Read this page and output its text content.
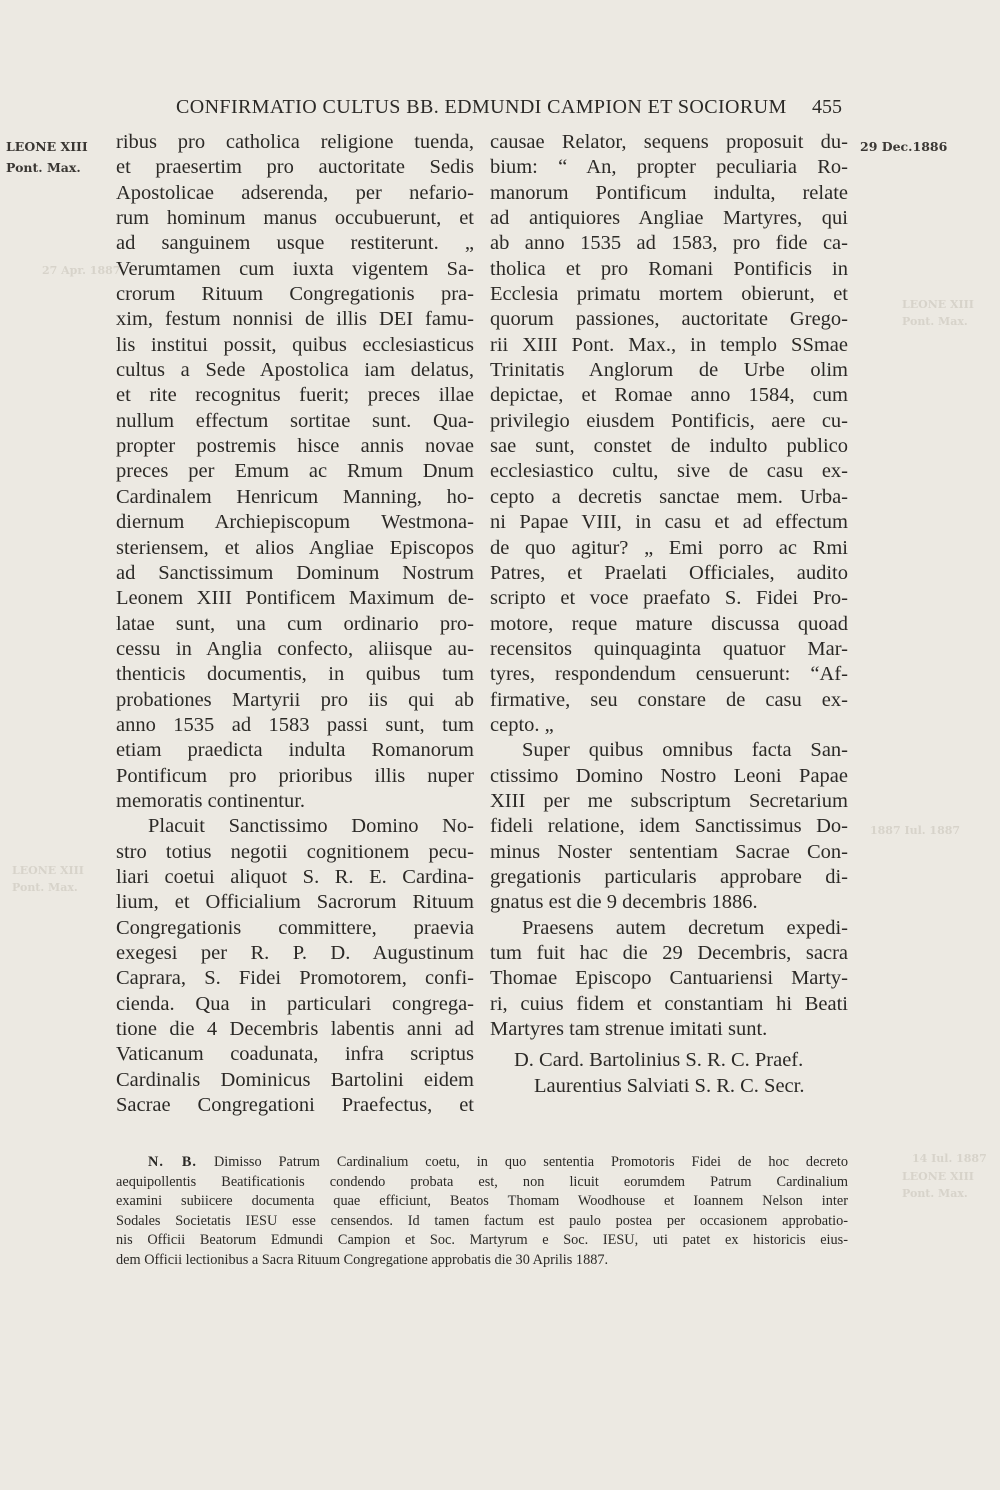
CONFIRMATIO CULTUS BB. EDMUNDI CAMPION ET SOCIORUM 455
LEONE XIII
Pont. Max.
29 Dec.1886
27 Apr. 1887
LEONE XIII
Pont. Max.
1887 Iul. 1887
LEONE XIII
Pont. Max.
14 Iul. 1887
LEONE XIII
Pont. Max.
ribus pro catholica religione tuenda,
et praesertim pro auctoritate Sedis
Apostolicae adserenda, per nefario-
rum hominum manus occubuerunt, et
ad sanguinem usque restiterunt. „
Verumtamen cum iuxta vigentem Sa-
crorum Rituum Congregationis pra-
xim, festum nonnisi de illis DEI famu-
lis institui possit, quibus ecclesiasticus
cultus a Sede Apostolica iam delatus,
et rite recognitus fuerit; preces illae
nullum effectum sortitae sunt. Qua-
propter postremis hisce annis novae
preces per Emum ac Rmum Dnum
Cardinalem Henricum Manning, ho-
diernum Archiepiscopum Westmona-
steriensem, et alios Angliae Episcopos
ad Sanctissimum Dominum Nostrum
Leonem XIII Pontificem Maximum de-
latae sunt, una cum ordinario pro-
cessu in Anglia confecto, aliisque au-
thenticis documentis, in quibus tum
probationes Martyrii pro iis qui ab
anno 1535 ad 1583 passi sunt, tum
etiam praedicta indulta Romanorum
Pontificum pro prioribus illis nuper
memoratis continentur.
Placuit Sanctissimo Domino No-
stro totius negotii cognitionem pecu-
liari coetui aliquot S. R. E. Cardina-
lium, et Officialium Sacrorum Rituum
Congregationis committere, praevia
exegesi per R. P. D. Augustinum
Caprara, S. Fidei Promotorem, confi-
cienda. Qua in particulari congrega-
tione die 4 Decembris labentis anni ad
Vaticanum coadunata, infra scriptus
Cardinalis Dominicus Bartolini eidem
Sacrae Congregationi Praefectus, et
causae Relator, sequens proposuit du-
bium: “ An, propter peculiaria Ro-
manorum Pontificum indulta, relate
ad antiquiores Angliae Martyres, qui
ab anno 1535 ad 1583, pro fide ca-
tholica et pro Romani Pontificis in
Ecclesia primatu mortem obierunt, et
quorum passiones, auctoritate Grego-
rii XIII Pont. Max., in templo SSmae
Trinitatis Anglorum de Urbe olim
depictae, et Romae anno 1584, cum
privilegio eiusdem Pontificis, aere cu-
sae sunt, constet de indulto publico
ecclesiastico cultu, sive de casu ex-
cepto a decretis sanctae mem. Urba-
ni Papae VIII, in casu et ad effectum
de quo agitur? „ Emi porro ac Rmi
Patres, et Praelati Officiales, audito
scripto et voce praefato S. Fidei Pro-
motore, reque mature discussa quoad
recensitos quinquaginta quatuor Mar-
tyres, respondendum censuerunt: “Af-
firmative, seu constare de casu ex-
cepto. „
Super quibus omnibus facta San-
ctissimo Domino Nostro Leoni Papae
XIII per me subscriptum Secretarium
fideli relatione, idem Sanctissimus Do-
minus Noster sententiam Sacrae Con-
gregationis particularis approbare di-
gnatus est die 9 decembris 1886.
Praesens autem decretum expedi-
tum fuit hac die 29 Decembris, sacra
Thomae Episcopo Cantuariensi Marty-
ri, cuius fidem et constantiam hi Beati
Martyres tam strenue imitati sunt.
D. Card. Bartolinius S. R. C. Praef.
Laurentius Salviati S. R. C. Secr.
N. B. Dimisso Patrum Cardinalium coetu, in quo sententia Promotoris Fidei de hoc decreto
aequipollentis Beatificationis condendo probata est, non licuit eorumdem Patrum Cardinalium
examini subiicere documenta quae efficiunt, Beatos Thomam Woodhouse et Ioannem Nelson inter
Sodales Societatis IESU esse censendos. Id tamen factum est paulo postea per occasionem approbatio-
nis Officii Beatorum Edmundi Campion et Soc. Martyrum e Soc. IESU, uti patet ex historicis eius-
dem Officii lectionibus a Sacra Rituum Congregatione approbatis die 30 Aprilis 1887.
